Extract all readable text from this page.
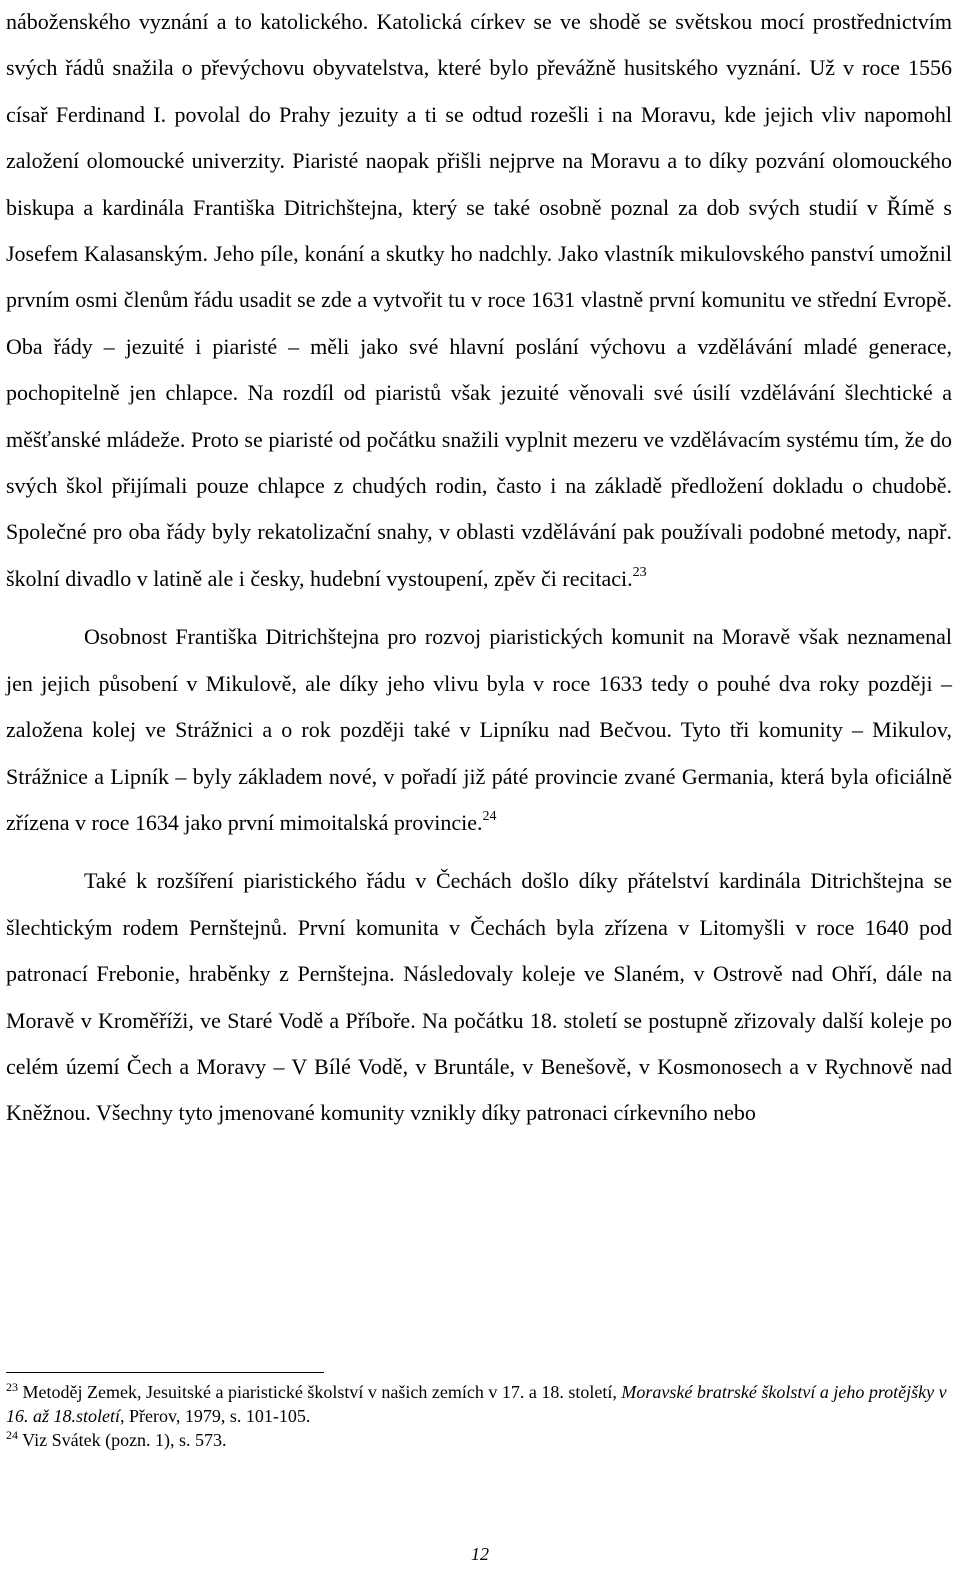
náboženského vyznání a to katolického. Katolická církev se ve shodě se světskou mocí prostřednictvím svých řádů snažila o převýchovu obyvatelstva, které bylo převážně husitského vyznání. Už v roce 1556 císař Ferdinand I. povolal do Prahy jezuity a ti se odtud rozešli i na Moravu, kde jejich vliv napomohl založení olomoucké univerzity. Piaristé naopak přišli nejprve na Moravu a to díky pozvání olomouckého biskupa a kardinála Františka Ditrichštejna, který se také osobně poznal za dob svých studií v Římě s Josefem Kalasanským. Jeho píle, konání a skutky ho nadchly. Jako vlastník mikulovského panství umožnil prvním osmi členům řádu usadit se zde a vytvořit tu v roce 1631 vlastně první komunitu ve střední Evropě. Oba řády – jezuité i piaristé – měli jako své hlavní poslání výchovu a vzdělávání mladé generace, pochopitelně jen chlapce. Na rozdíl od piaristů však jezuité věnovali své úsilí vzdělávání šlechtické a měšťanské mládeže. Proto se piaristé od počátku snažili vyplnit mezeru ve vzdělávacím systému tím, že do svých škol přijímali pouze chlapce z chudých rodin, často i na základě předložení dokladu o chudobě. Společné pro oba řády byly rekatolizační snahy, v oblasti vzdělávání pak používali podobné metody, např. školní divadlo v latině ale i česky, hudební vystoupení, zpěv či recitaci.$^{23}$

Osobnost Františka Ditrichštejna pro rozvoj piaristických komunit na Moravě však neznamenal jen jejich působení v Mikulově, ale díky jeho vlivu byla v roce 1633 tedy o pouhé dva roky později – založena kolej ve Strážnici a o rok později také v Lipníku nad Bečvou. Tyto tři komunity – Mikulov, Strážnice a Lipník – byly základem nové, v pořadí již páté provincie zvané Germania, která byla oficiálně zřízena v roce 1634 jako první mimoitalská provincie.$^{24}$

Také k rozšíření piaristického řádu v Čechách došlo díky přátelství kardinála Ditrichštejna se šlechtickým rodem Pernštejnů. První komunita v Čechách byla zřízena v Litomyšli v roce 1640 pod patronací Frebonie, hraběnky z Pernštejna. Následovaly koleje ve Slaném, v Ostrově nad Ohří, dále na Moravě v Kroměříži, ve Staré Vodě a Příboře. Na počátku 18. století se postupně zřizovaly další koleje po celém území Čech a Moravy – V Bílé Vodě, v Bruntále, v Benešově, v Kosmonosech a v Rychnově nad Kněžnou. Všechny tyto jmenované komunity vznikly díky patronaci církevního nebo

$^{23}$ Metoděj Zemek, Jesuitské a piaristické školství v našich zemích v 17. a 18. století, Moravské bratrské školství a jeho protějšky v 16. až 18.století, Přerov, 1979, s. 101-105.

$^{24}$ Viz Svátek (pozn. 1), s. 573.

12
